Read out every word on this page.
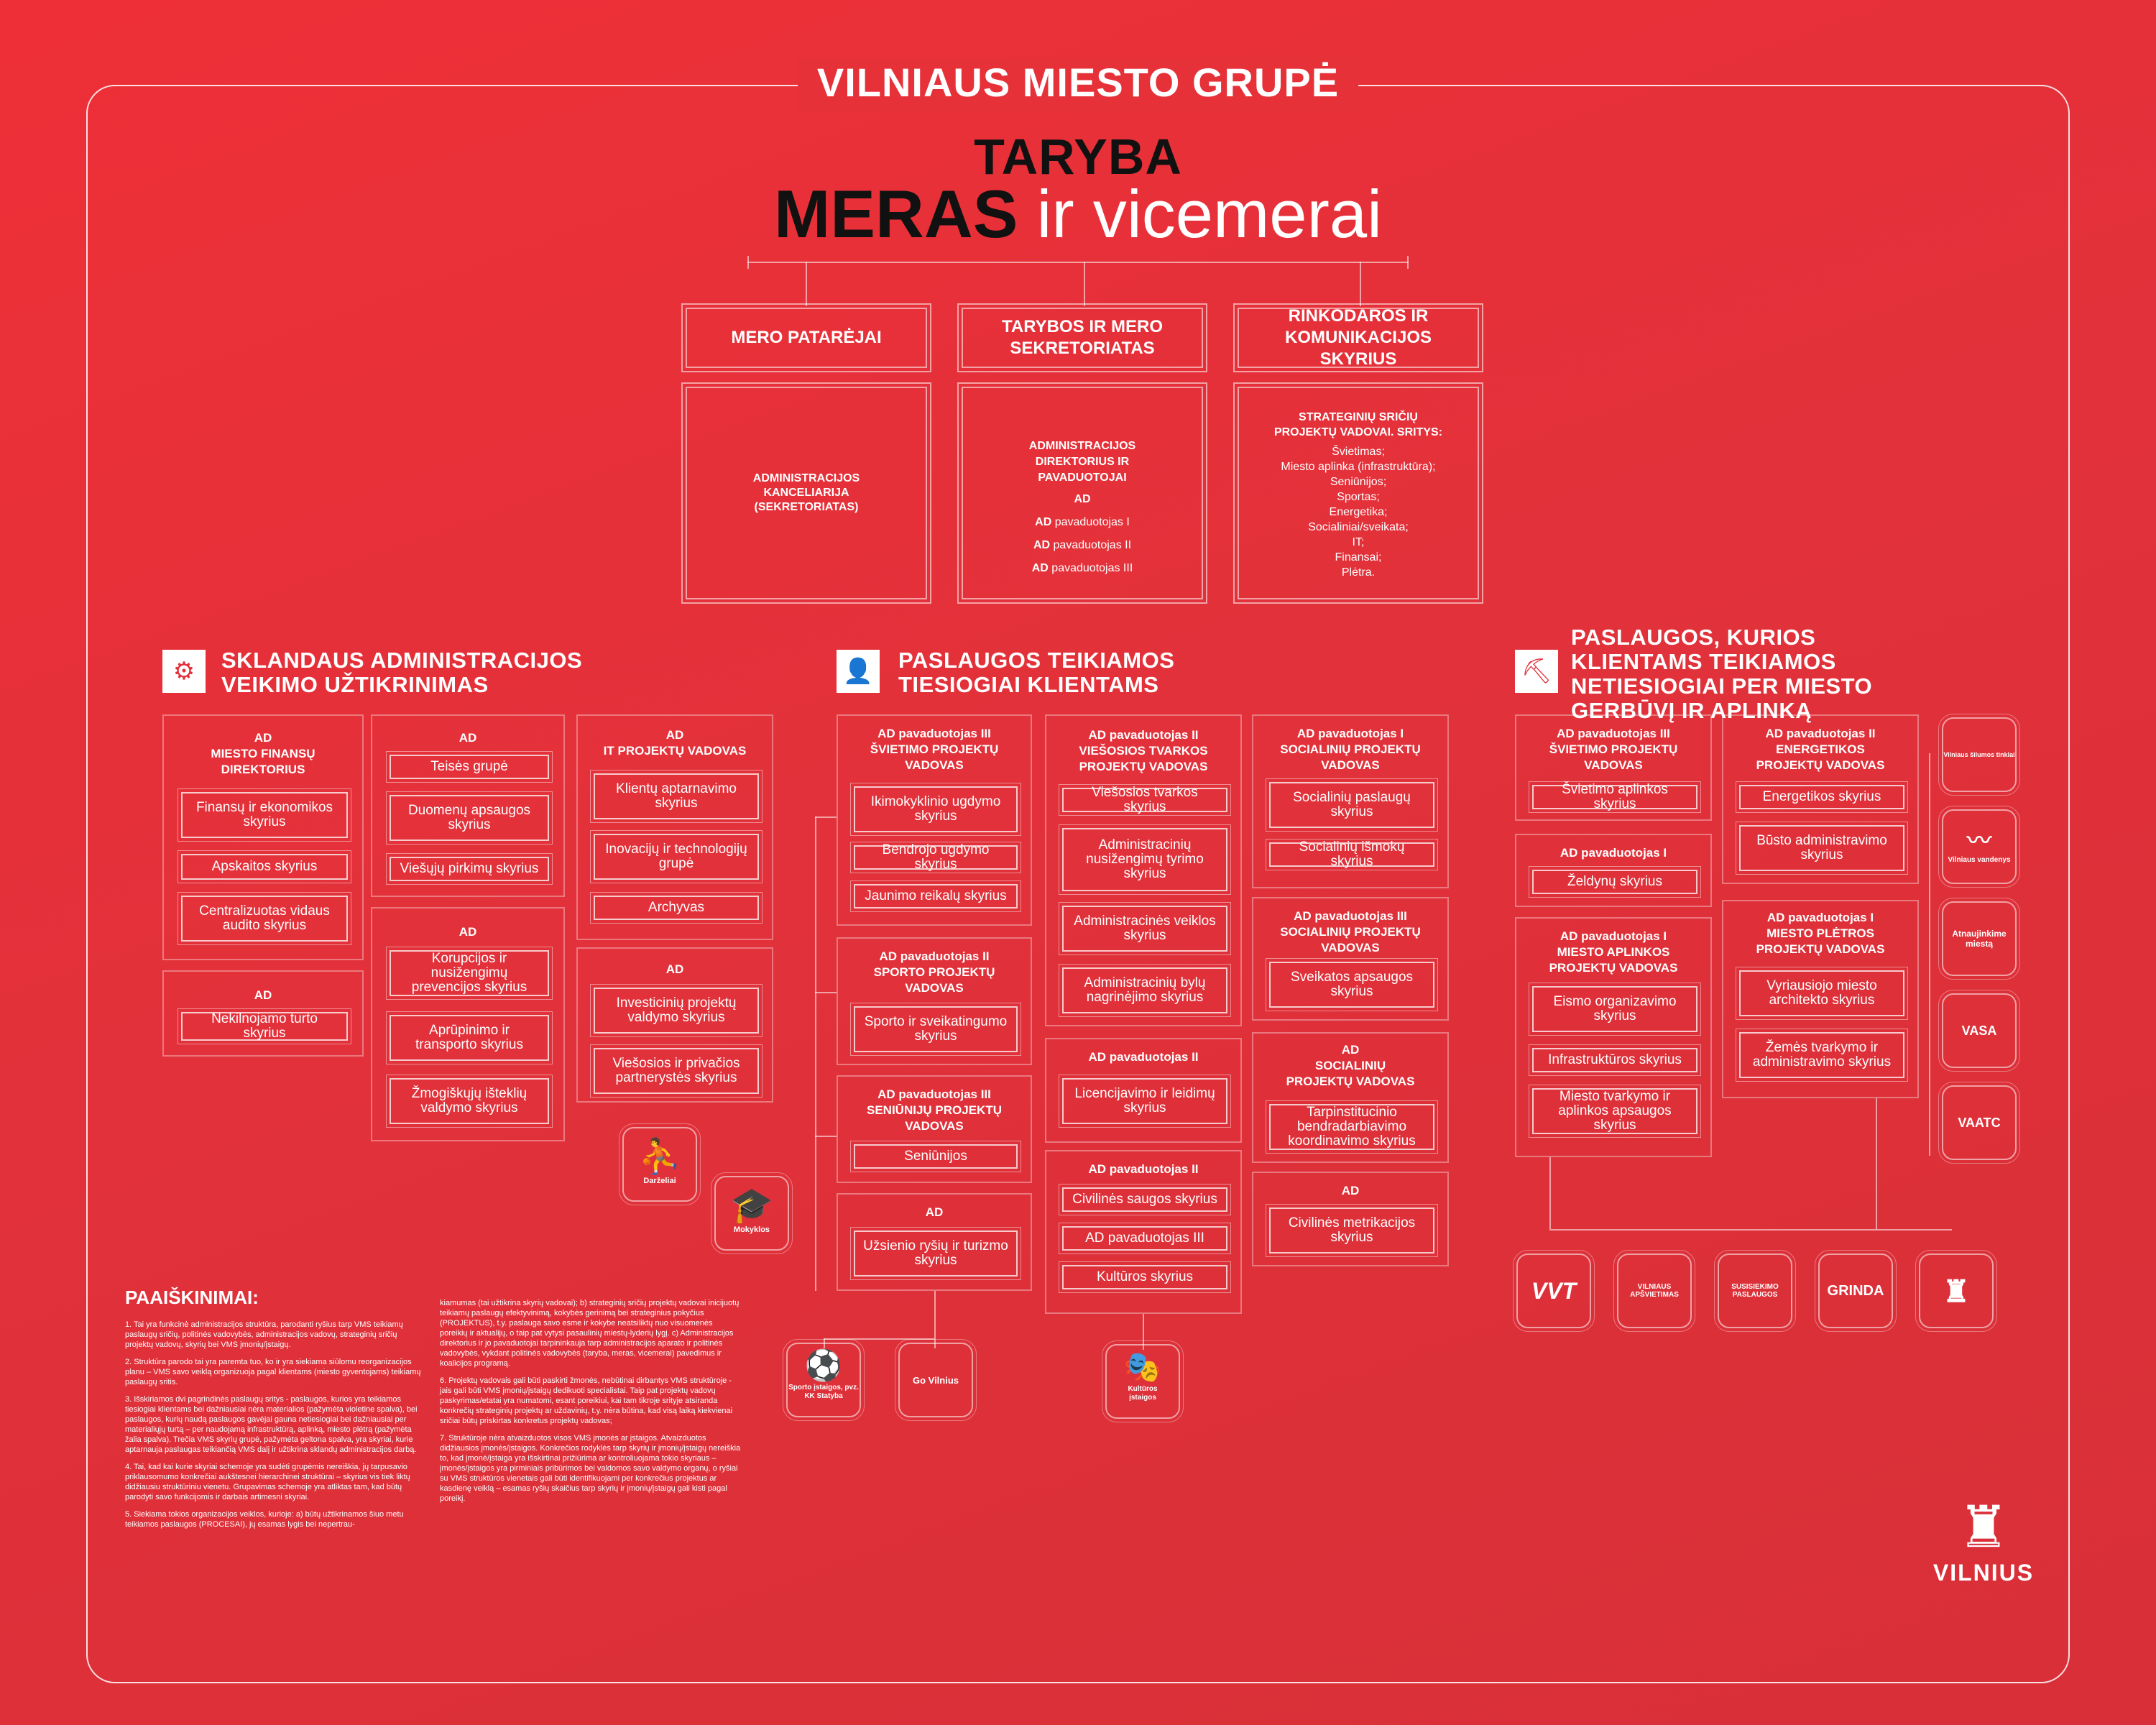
VILNIAUS MIESTO GRUPĖ
TARYBA
MERAS ir vicemerai
MERO PATARĖJAI
TARYBOS IR MERO SEKRETORIATAS
RINKODAROS IR KOMUNIKACIJOS SKYRIUS
ADMINISTRACIJOS KANCELIARIJA (SEKRETORIATAS)
ADMINISTRACIJOS DIREKTORIUS IR PAVADUOTOJAI
AD
AD pavaduotojas I
AD pavaduotojas II
AD pavaduotojas III
STRATEGINIŲ SRIČIŲ PROJEKTŲ VADOVAI. SRITYS:
Švietimas;
Miesto aplinka (infrastruktūra);
Seniūnijos;
Sportas;
Energetika;
Socialiniai/sveikata;
IT;
Finansai;
Plėtra.
⚙	SKLANDAUS ADMINISTRACIJOS VEIKIMO UŽTIKRINIMAS	👤 PASLAUGOS TEIKIAMOS TIESIOGIAI KLIENTAMS	⛏
PASLAUGOS, KURIOS KLIENTAMS TEIKIAMOS NETIESIOGIAI PER MIESTO GERBŪVĮ IR APLINKĄ
AD
MIESTO FINANSŲ DIREKTORIUS
Finansų ir ekonomikos skyrius
Apskaitos skyrius
Centralizuotas vidaus audito skyrius
AD
Nekilnojamo turto skyrius
AD
Teisės grupė
Duomenų apsaugos skyrius
Viešųjų pirkimų skyrius
AD
Korupcijos ir nusižengimų prevencijos skyrius
Aprūpinimo ir transporto skyrius
Žmogiškųjų išteklių valdymo skyrius
AD
IT PROJEKTŲ VADOVAS
Klientų aptarnavimo skyrius
Inovacijų ir technologijų grupė
Archyvas
AD
Investicinių projektų valdymo skyrius
Viešosios ir privačios partnerystės skyrius
⛹
Darželiai
🎓
Mokyklos
AD pavaduotojas III ŠVIETIMO PROJEKTŲ VADOVAS
Ikimokyklinio ugdymo skyrius
Bendrojo ugdymo skyrius
Jaunimo reikalų skyrius
AD pavaduotojas II SPORTO PROJEKTŲ VADOVAS
Sporto ir sveikatingumo skyrius
AD pavaduotojas III SENIŪNIJŲ PROJEKTŲ VADOVAS
Seniūnijos
AD
Užsienio ryšių ir turizmo skyrius
AD pavaduotojas II VIEŠOSIOS TVARKOS PROJEKTŲ VADOVAS
Viešosios tvarkos skyrius
Administracinių nusižengimų tyrimo skyrius
Administracinės veiklos skyrius
Administracinių bylų nagrinėjimo skyrius
AD pavaduotojas II
Licencijavimo ir leidimų skyrius
AD pavaduotojas II
Civilinės saugos skyrius
AD pavaduotojas III
Kultūros skyrius
AD pavaduotojas I SOCIALINIŲ PROJEKTŲ VADOVAS
Socialinių paslaugų skyrius
Socialinių išmokų skyrius
AD pavaduotojas III SOCIALINIŲ PROJEKTŲ VADOVAS
Sveikatos apsaugos skyrius
AD
SOCIALINIŲ PROJEKTŲ VADOVAS
Tarpinstitucinio bendradarbiavimo koordinavimo skyrius
AD
Civilinės metrikacijos skyrius
⚽
Sporto įstaigos, pvz. KK Statyba
Go Vilnius	🎭
Kultūros įstaigos
AD pavaduotojas III ŠVIETIMO PROJEKTŲ VADOVAS
Švietimo aplinkos skyrius
AD pavaduotojas I
Želdynų skyrius
AD pavaduotojas I MIESTO APLINKOS PROJEKTŲ VADOVAS
Eismo organizavimo skyrius
Infrastruktūros skyrius
Miesto tvarkymo ir aplinkos apsaugos skyrius
AD pavaduotojas II ENERGETIKOS PROJEKTŲ VADOVAS
Energetikos skyrius
Būsto administravimo skyrius
AD pavaduotojas I MIESTO PLĖTROS PROJEKTŲ VADOVAS
Vyriausiojo miesto architekto skyrius
Žemės tvarkymo ir administravimo skyrius
Vilniaus šilumos tinklai
〰
Vilniaus vandenys
Atnaujinkime miestą
VASA
VAATC
VVT	VILNIAUS APŠVIETIMAS
SUSISIEKIMO PASLAUGOS	GRINDA ♜
PAAIŠKINIMAI:

1. Tai yra funkcinė administracijos struktūra, parodanti ryšius tarp VMS teikiamų paslaugų sričių, politinės vadovybės, administracijos vadovų, strateginių sričių projektų vadovų, skyrių bei VMS įmonių/įstaigų.

2. Struktūra parodo tai yra paremta tuo, ko ir yra siekiama siūlomu reorganizacijos planu – VMS savo veiklą organizuoja pagal klientams (miesto gyventojams) teikiamų paslaugų sritis.

3. Išskiriamos dvi pagrindinės paslaugų sritys - paslaugos, kurios yra teikiamos tiesiogiai klientams bei dažniausiai nėra materialios (pažymėta violetine spalva), bei paslaugos, kurių naudą paslaugos gavėjai gauna netiesiogiai bei dažniausiai per materialiųjų turtą – per naudojamą infrastruktūrą, aplinką, miesto plėtrą (pažymėta žalia spalva). Trečia VMS skyrių grupė, pažymėta geltona spalva, yra skyriai, kurie aptarnauja paslaugas teikiančią VMS dalį ir užtikrina sklandų administracijos darbą.

4. Tai, kad kai kurie skyriai schemoje yra sudėti grupėmis nereiškia, jų tarpusavio priklausomumo konkrečiai aukštesnei hierarchinei struktūrai – skyrius vis tiek liktų didžiausiu struktūriniu vienetu. Grupavimas schemoje yra atliktas tam, kad būtų parodyti savo funkcijomis ir darbais artimesni skyriai.

5. Siekiama tokios organizacijos veiklos, kurioje: a) būtų užtikrinamos šiuo metu teikiamos paslaugos (PROCESAI), jų esamas lygis bei nepertrau-

kiamumas (tai užtikrina skyrių vadovai); b) strateginių sričių projektų vadovai inicijuotų teikiamų paslaugų efektyvinimą, kokybės gerinimą bei strateginius pokyčius (PROJEKTUS), t.y. paslauga savo esme ir kokybe neatsiliktų nuo visuomenės poreikių ir aktualijų, o taip pat vytysi pasaulinių miestų-lyderių lygį. c) Administracijos direktorius ir jo pavaduotojai tarpininkauja tarp administracijos aparato ir politinės vadovybės, vykdant politinės vadovybės (taryba, meras, vicemerai) pavedimus ir koalicijos programą.

6. Projektų vadovais gali būti paskirti žmonės, nebūtinai dirbantys VMS struktūroje - jais gali būti VMS įmonių/įstaigų dedikuoti specialistai. Taip pat projektų vadovų paskyrimas/etatai yra numatomi, esant poreikiui, kai tam tikroje srityje atsiranda konkrečių strateginių projektų ar uždavinių, t.y. nėra būtina, kad visą laiką kiekvienai sričiai būtų priskirtas konkretus projektų vadovas;

7. Struktūroje nėra atvaizduotos visos VMS įmonės ar įstaigos. Atvaizduotos didžiausios įmonės/įstaigos. Konkrečios rodyklės tarp skyrių ir įmonių/įstaigų nereiškia to, kad įmonė/įstaiga yra išskirtinai prižiūrima ar kontroliuojama tokio skyriaus – įmonės/įstaigos yra pirminiais pribūrimos bei valdomos savo valdymo organų, o ryšiai su VMS struktūros vienetais gali būti identifikuojami per konkrečius projektus ar kasdienę veiklą – esamas ryšių skaičius tarp skyrių ir įmonių/įstaigų gali kisti pagal poreikį.	♜
VILNIUS
